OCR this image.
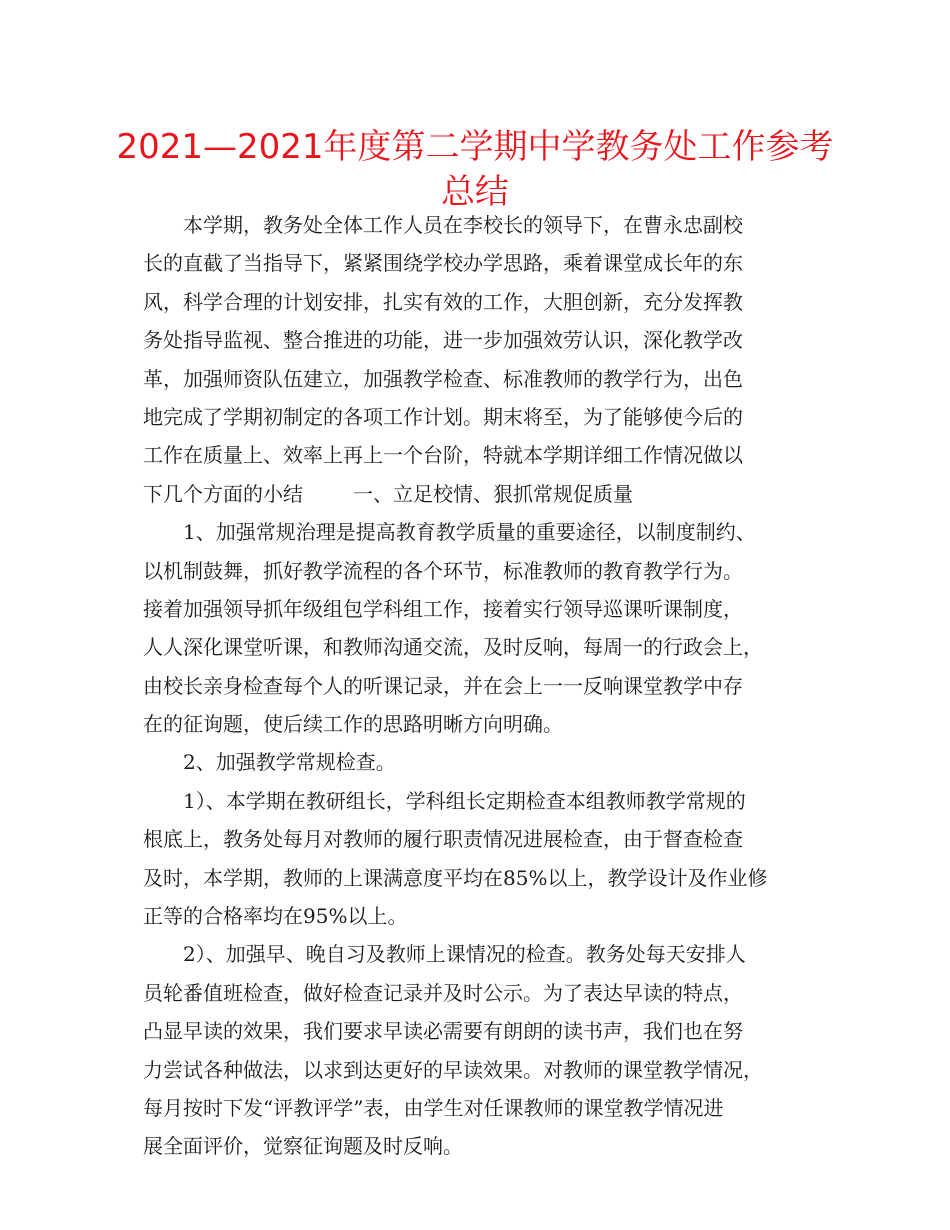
2021—2021年度第二学期中学教务处工作参考
总结

本学期，教务处全体工作人员在李校长的领导下，在曹永忠副校
长的直截了当指导下，紧紧围绕学校办学思路，乘着课堂成长年的东
风，科学合理的计划安排，扎实有效的工作，大胆创新，充分发挥教
务处指导监视、整合推进的功能，进一步加强效劳认识，深化教学改
革，加强师资队伍建立，加强教学检查、标准教师的教学行为，出色
地完成了学期初制定的各项工作计划。期末将至，为了能够使今后的
工作在质量上、效率上再上一个台阶，特就本学期详细工作情况做以
下几个方面的小结	一、立足校情、狠抓常规促质量

1、加强常规治理是提高教育教学质量的重要途径，以制度制约、
以机制鼓舞，抓好教学流程的各个环节，标准教师的教育教学行为。
接着加强领导抓年级组包学科组工作，接着实行领导巡课听课制度，
人人深化课堂听课，和教师沟通交流，及时反响，每周一的行政会上，
由校长亲身检查每个人的听课记录，并在会上一一反响课堂教学中存
在的征询题，使后续工作的思路明晰方向明确。

2、加强教学常规检查。

1）、本学期在教研组长，学科组长定期检查本组教师教学常规的
根底上，教务处每月对教师的履行职责情况进展检查，由于督查检查
及时，本学期，教师的上课满意度平均在85%以上，教学设计及作业修
正等的合格率均在95%以上。

2）、加强早、晚自习及教师上课情况的检查。教务处每天安排人
员轮番值班检查，做好检查记录并及时公示。为了表达早读的特点，
凸显早读的效果，我们要求早读必需要有朗朗的读书声，我们也在努
力尝试各种做法，以求到达更好的早读效果。对教师的课堂教学情况，
每月按时下发“评教评学”表，由学生对任课教师的课堂教学情况进
展全面评价，觉察征询题及时反响。
